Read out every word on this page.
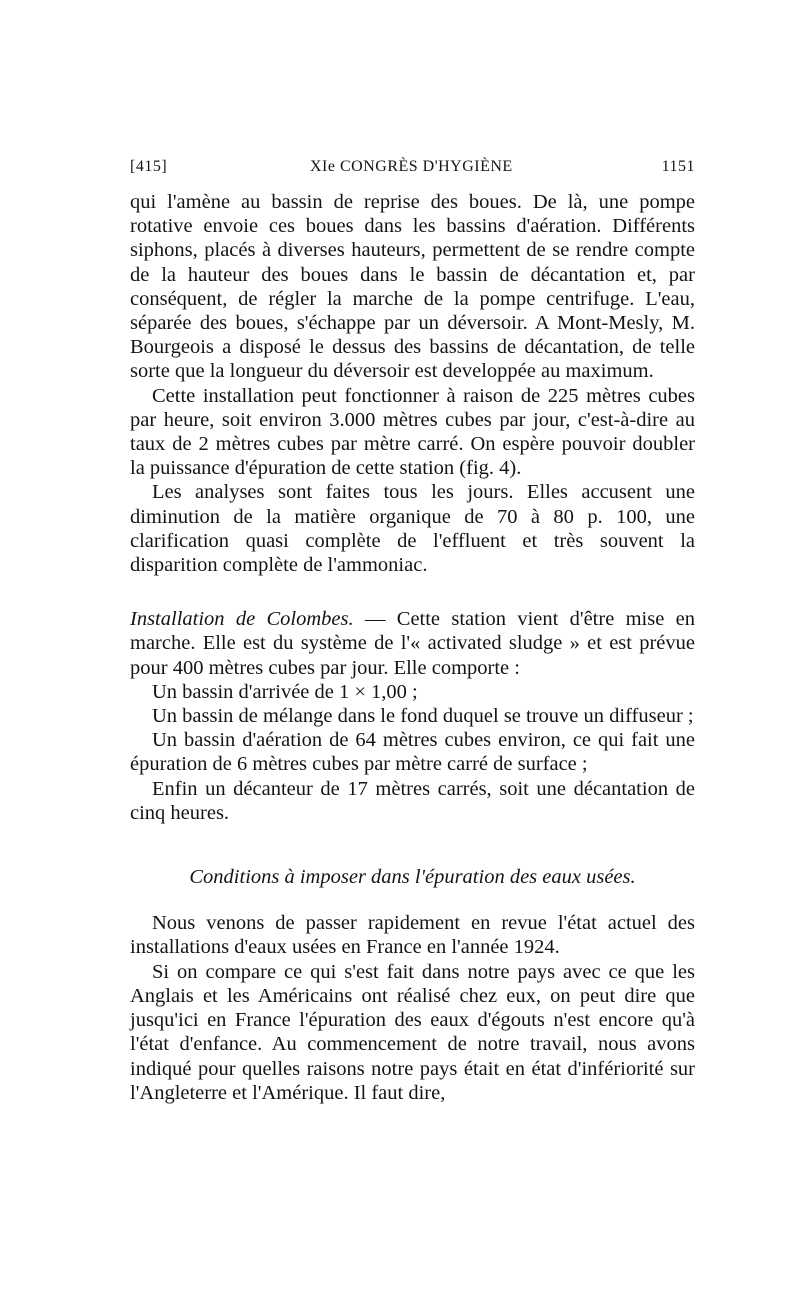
[415]	XIe CONGRÈS D'HYGIÈNE	1151

qui l'amène au bassin de reprise des boues. De là, une pompe rotative envoie ces boues dans les bassins d'aération. Différents siphons, placés à diverses hauteurs, permettent de se rendre compte de la hauteur des boues dans le bassin de décantation et, par conséquent, de régler la marche de la pompe centrifuge. L'eau, séparée des boues, s'échappe par un déversoir. A Mont-Mesly, M. Bourgeois a disposé le dessus des bassins de décantation, de telle sorte que la longueur du déversoir est developpée au maximum.

Cette installation peut fonctionner à raison de 225 mètres cubes par heure, soit environ 3.000 mètres cubes par jour, c'est-à-dire au taux de 2 mètres cubes par mètre carré. On espère pouvoir doubler la puissance d'épuration de cette station (fig. 4).

Les analyses sont faites tous les jours. Elles accusent une diminution de la matière organique de 70 à 80 p. 100, une clarification quasi complète de l'effluent et très souvent la disparition complète de l'ammoniac.

Installation de Colombes. — Cette station vient d'être mise en marche. Elle est du système de l'« activated sludge » et est prévue pour 400 mètres cubes par jour. Elle comporte :

Un bassin d'arrivée de 1 × 1,00 ;

Un bassin de mélange dans le fond duquel se trouve un diffuseur ;

Un bassin d'aération de 64 mètres cubes environ, ce qui fait une épuration de 6 mètres cubes par mètre carré de surface ;

Enfin un décanteur de 17 mètres carrés, soit une décantation de cinq heures.

Conditions à imposer dans l'épuration des eaux usées.

Nous venons de passer rapidement en revue l'état actuel des installations d'eaux usées en France en l'année 1924.

Si on compare ce qui s'est fait dans notre pays avec ce que les Anglais et les Américains ont réalisé chez eux, on peut dire que jusqu'ici en France l'épuration des eaux d'égouts n'est encore qu'à l'état d'enfance. Au commencement de notre travail, nous avons indiqué pour quelles raisons notre pays était en état d'infériorité sur l'Angleterre et l'Amérique. Il faut dire,
